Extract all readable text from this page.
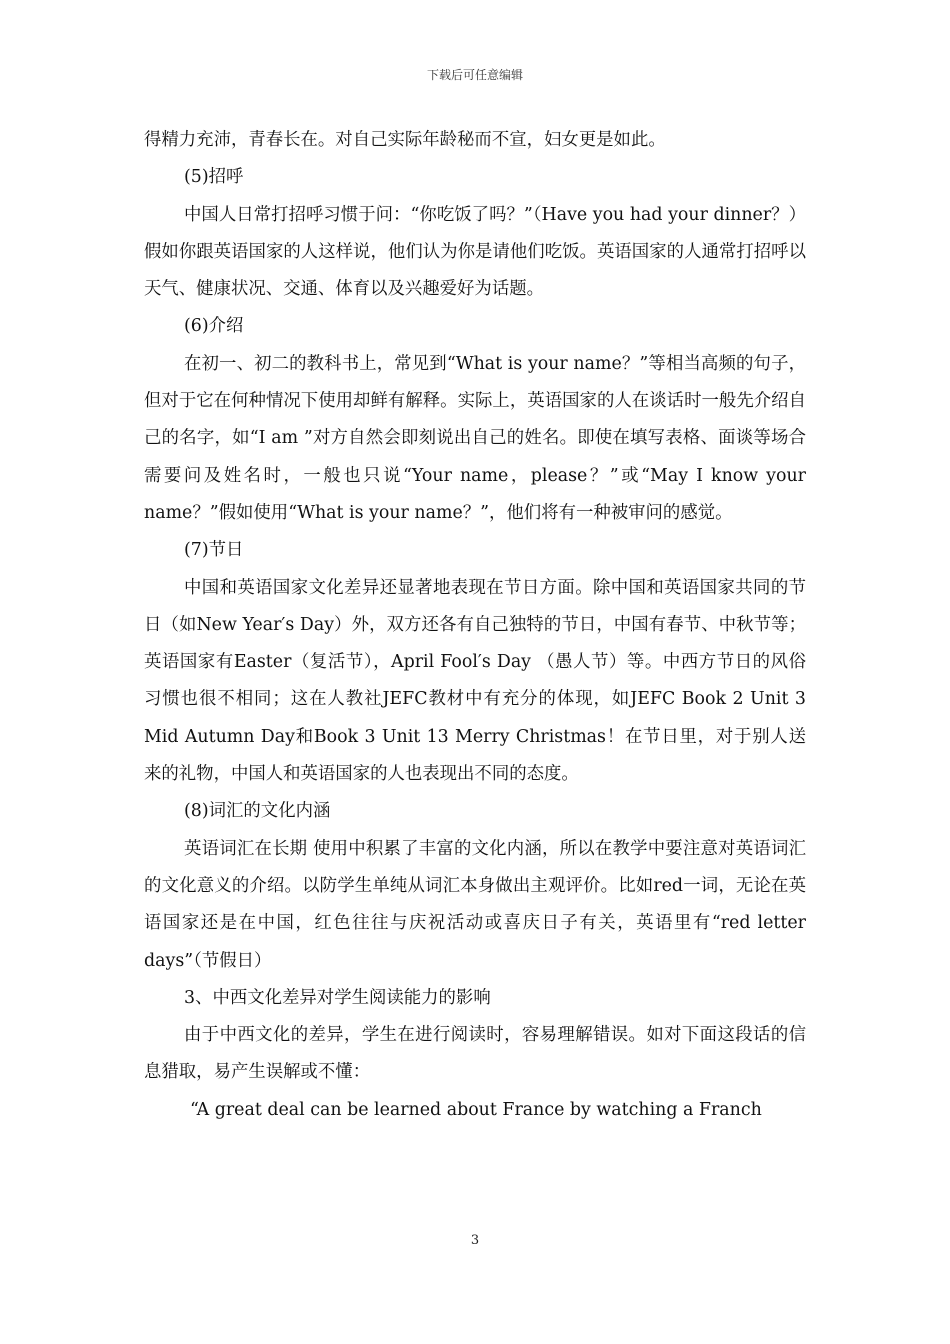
下载后可任意编辑

得精力充沛，青春长在。对自己实际年龄秘而不宣，妇女更是如此。

(5)招呼

中国人日常打招呼习惯于问：“你吃饭了吗？”（Have you had your dinner？）假如你跟英语国家的人这样说，他们认为你是请他们吃饭。英语国家的人通常打招呼以天气、健康状况、交通、体育以及兴趣爱好为话题。

(6)介绍

在初一、初二的教科书上，常见到“What is your name？”等相当高频的句子，但对于它在何种情况下使用却鲜有解释。实际上，英语国家的人在谈话时一般先介绍自己的名字，如“I am ”对方自然会即刻说出自己的姓名。即使在填写表格、面谈等场合需要问及姓名时，一般也只说“Your name，please？”或“May I know your name？”假如使用“What is your name？”，他们将有一种被审问的感觉。

(7)节日

中国和英语国家文化差异还显著地表现在节日方面。除中国和英语国家共同的节日（如New Year′s Day）外，双方还各有自己独特的节日，中国有春节、中秋节等；英语国家有Easter（复活节），April Fool′s Day （愚人节）等。中西方节日的风俗习惯也很不相同；这在人教社JEFC教材中有充分的体现，如JEFC Book 2 Unit 3 Mid Autumn Day和Book 3 Unit 13 Merry Christmas！在节日里，对于别人送来的礼物，中国人和英语国家的人也表现出不同的态度。

(8)词汇的文化内涵

英语词汇在长期 使用中积累了丰富的文化内涵，所以在教学中要注意对英语词汇的文化意义的介绍。以防学生单纯从词汇本身做出主观评价。比如red一词，无论在英语国家还是在中国，红色往往与庆祝活动或喜庆日子有关，英语里有“red letter days”（节假日）

3、中西文化差异对学生阅读能力的影响

由于中西文化的差异，学生在进行阅读时，容易理解错误。如对下面这段话的信息猎取，易产生误解或不懂：

“A great deal can be learned about France by watching a Franch

3
